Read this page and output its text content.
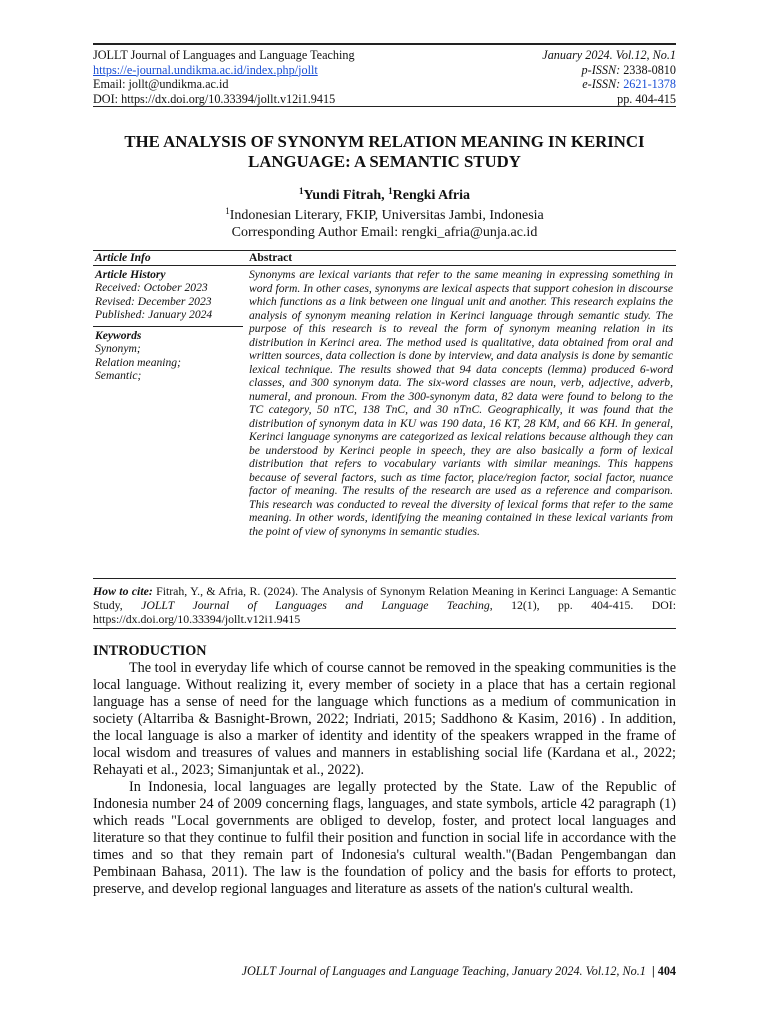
JOLLT Journal of Languages and Language Teaching	January 2024. Vol.12, No.1
https://e-journal.undikma.ac.id/index.php/jollt	p-ISSN: 2338-0810
Email: jollt@undikma.ac.id	e-ISSN: 2621-1378
DOI: https://dx.doi.org/10.33394/jollt.v12i1.9415	pp. 404-415
THE ANALYSIS OF SYNONYM RELATION MEANING IN KERINCI
LANGUAGE: A SEMANTIC STUDY
$^1$Yundi Fitrah, $^1$Rengki Afria
$^1$Indonesian Literary, FKIP, Universitas Jambi, Indonesia
Corresponding Author Email: rengki_afria@unja.ac.id
Article Info	Abstract
Article History
Received: October 2023
Revised: December 2023
Published: January 2024
Keywords
Synonym;
Relation meaning;
Semantic;
Synonyms are lexical variants that refer to the same meaning in expressing something in word form. In other cases, synonyms are lexical aspects that support cohesion in discourse which functions as a link between one lingual unit and another. This research explains the analysis of synonym meaning relation in Kerinci language through semantic study. The purpose of this research is to reveal the form of synonym meaning relation in its distribution in Kerinci area. The method used is qualitative, data obtained from oral and written sources, data collection is done by interview, and data analysis is done by semantic lexical technique. The results showed that 94 data concepts (lemma) produced 6-word classes, and 300 synonym data. The six-word classes are noun, verb, adjective, adverb, numeral, and pronoun. From the 300-synonym data, 82 data were found to belong to the TC category, 50 nTC, 138 TnC, and 30 nTnC. Geographically, it was found that the distribution of synonym data in KU was 190 data, 16 KT, 28 KM, and 66 KH. In general, Kerinci language synonyms are categorized as lexical relations because although they can be understood by Kerinci people in speech, they are also basically a form of lexical distribution that refers to vocabulary variants with similar meanings. This happens because of several factors, such as time factor, place/region factor, social factor, nuance factor of meaning. The results of the research are used as a reference and comparison. This research was conducted to reveal the diversity of lexical forms that refer to the same meaning. In other words, identifying the meaning contained in these lexical variants from the point of view of synonyms in semantic studies.
How to cite: Fitrah, Y., & Afria, R. (2024). The Analysis of Synonym Relation Meaning in Kerinci Language: A Semantic Study, JOLLT Journal of Languages and Language Teaching, 12(1), pp. 404-415. DOI: https://dx.doi.org/10.33394/jollt.v12i1.9415
INTRODUCTION

The tool in everyday life which of course cannot be removed in the speaking communities is the local language. Without realizing it, every member of society in a place that has a certain regional language has a sense of need for the language which functions as a medium of communication in society (Altarriba & Basnight-Brown, 2022; Indriati, 2015; Saddhono & Kasim, 2016) . In addition, the local language is also a marker of identity and identity of the speakers wrapped in the frame of local wisdom and treasures of values and manners in establishing social life (Kardana et al., 2022; Rehayati et al., 2023; Simanjuntak et al., 2022).

In Indonesia, local languages are legally protected by the State. Law of the Republic of Indonesia number 24 of 2009 concerning flags, languages, and state symbols, article 42 paragraph (1) which reads "Local governments are obliged to develop, foster, and protect local languages and literature so that they continue to fulfil their position and function in social life in accordance with the times and so that they remain part of Indonesia's cultural wealth."(Badan Pengembangan dan Pembinaan Bahasa, 2011). The law is the foundation of policy and the basis for efforts to protect, preserve, and develop regional languages and literature as assets of the nation's cultural wealth.

JOLLT Journal of Languages and Language Teaching, January 2024. Vol.12, No.1 | 404
